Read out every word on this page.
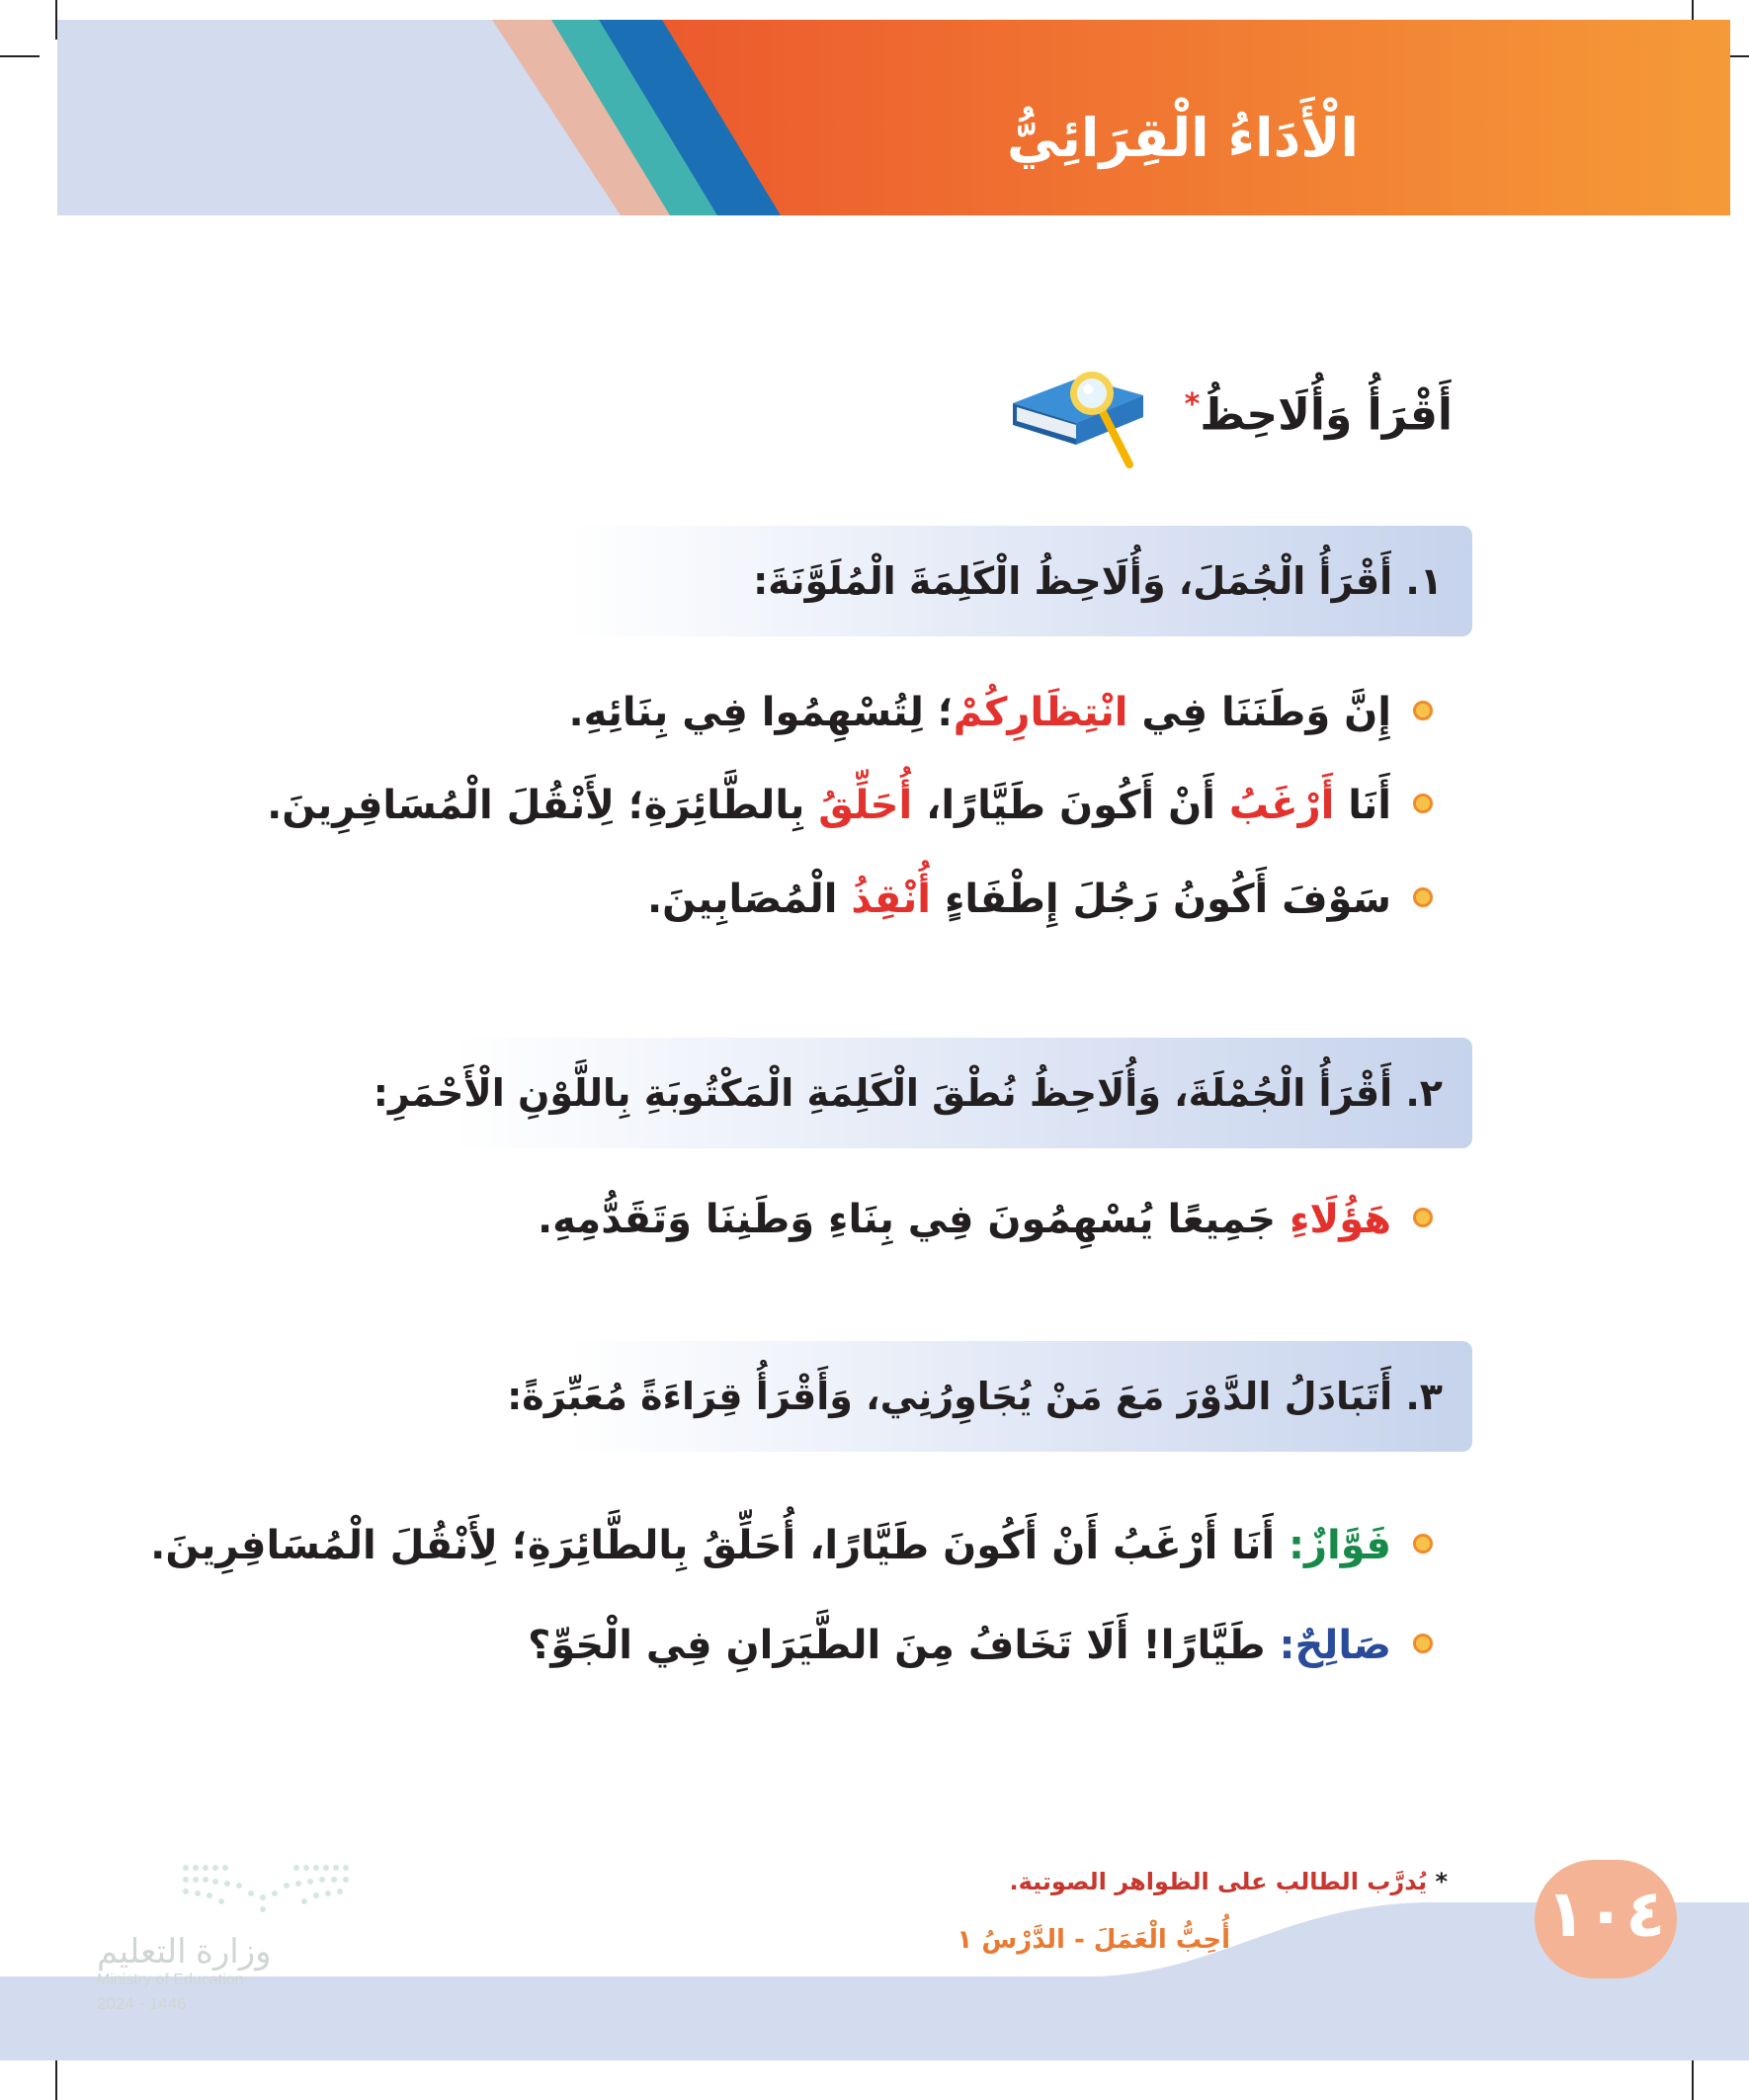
الْأَدَاءُ الْقِرَائِيُّ
أَقْرَأُ وَأُلَاحِظُ*
١. أَقْرَأُ الْجُمَلَ، وَأُلَاحِظُ الْكَلِمَةَ الْمُلَوَّنَةَ:
إِنَّ وَطَنَنَا فِي انْتِظَارِكُمْ؛ لِتُسْهِمُوا فِي بِنَائِهِ.
أَنَا أَرْغَبُ أَنْ أَكُونَ طَيَّارًا، أُحَلِّقُ بِالطَّائِرَةِ؛ لِأَنْقُلَ الْمُسَافِرِينَ.
سَوْفَ أَكُونُ رَجُلَ إِطْفَاءٍ أُنْقِذُ الْمُصَابِينَ.
٢. أَقْرَأُ الْجُمْلَةَ، وَأُلَاحِظُ نُطْقَ الْكَلِمَةِ الْمَكْتُوبَةِ بِاللَّوْنِ الْأَحْمَرِ:
هَؤُلَاءِ جَمِيعًا يُسْهِمُونَ فِي بِنَاءِ وَطَنِنَا وَتَقَدُّمِهِ.
٣. أَتَبَادَلُ الدَّوْرَ مَعَ مَنْ يُجَاوِرُنِي، وَأَقْرَأُ قِرَاءَةً مُعَبِّرَةً:
فَوَّازٌ: أَنَا أَرْغَبُ أَنْ أَكُونَ طَيَّارًا، أُحَلِّقُ بِالطَّائِرَةِ؛ لِأَنْقُلَ الْمُسَافِرِينَ.
صَالِحٌ: طَيَّارًا! أَلَا تَخَافُ مِنَ الطَّيَرَانِ فِي الْجَوِّ؟
* يُدرَّب الطالب على الظواهر الصوتية.
أُحِبُّ الْعَمَلَ - الدَّرْسُ ١	١٠٤
وزارة التعليم
Ministry of Education
2024 - 1446
